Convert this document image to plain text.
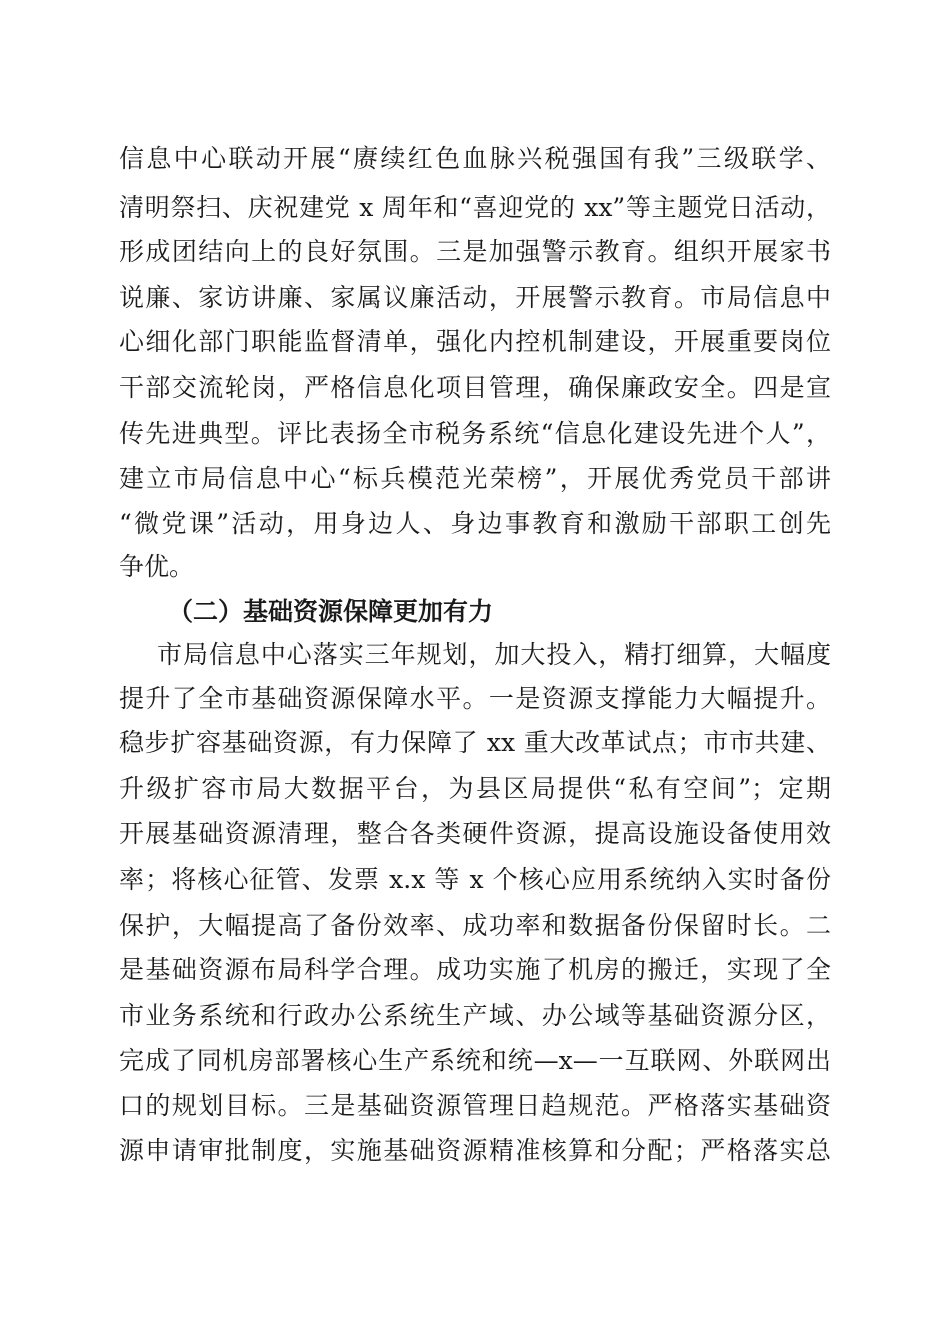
信息中心联动开展“赓续红色血脉兴税强国有我”三级联学、
清明祭扫、庆祝建党 x 周年和“喜迎党的 xx”等主题党日活动，
形成团结向上的良好氛围。三是加强警示教育。组织开展家书
说廉、家访讲廉、家属议廉活动，开展警示教育。市局信息中
心细化部门职能监督清单，强化内控机制建设，开展重要岗位
干部交流轮岗，严格信息化项目管理，确保廉政安全。四是宣
传先进典型。评比表扬全市税务系统“信息化建设先进个人”，
建立市局信息中心“标兵模范光荣榜”，开展优秀党员干部讲
“微党课”活动，用身边人、身边事教育和激励干部职工创先
争优。
（二）基础资源保障更加有力
市局信息中心落实三年规划，加大投入，精打细算，大幅度
提升了全市基础资源保障水平。一是资源支撑能力大幅提升。
稳步扩容基础资源，有力保障了 xx 重大改革试点；市市共建、
升级扩容市局大数据平台，为县区局提供“私有空间”；定期
开展基础资源清理，整合各类硬件资源，提高设施设备使用效
率；将核心征管、发票 x.x 等 x 个核心应用系统纳入实时备份
保护，大幅提高了备份效率、成功率和数据备份保留时长。二
是基础资源布局科学合理。成功实施了机房的搬迁，实现了全
市业务系统和行政办公系统生产域、办公域等基础资源分区，
完成了同机房部署核心生产系统和统—x—一互联网、外联网出
口的规划目标。三是基础资源管理日趋规范。严格落实基础资
源申请审批制度，实施基础资源精准核算和分配；严格落实总
